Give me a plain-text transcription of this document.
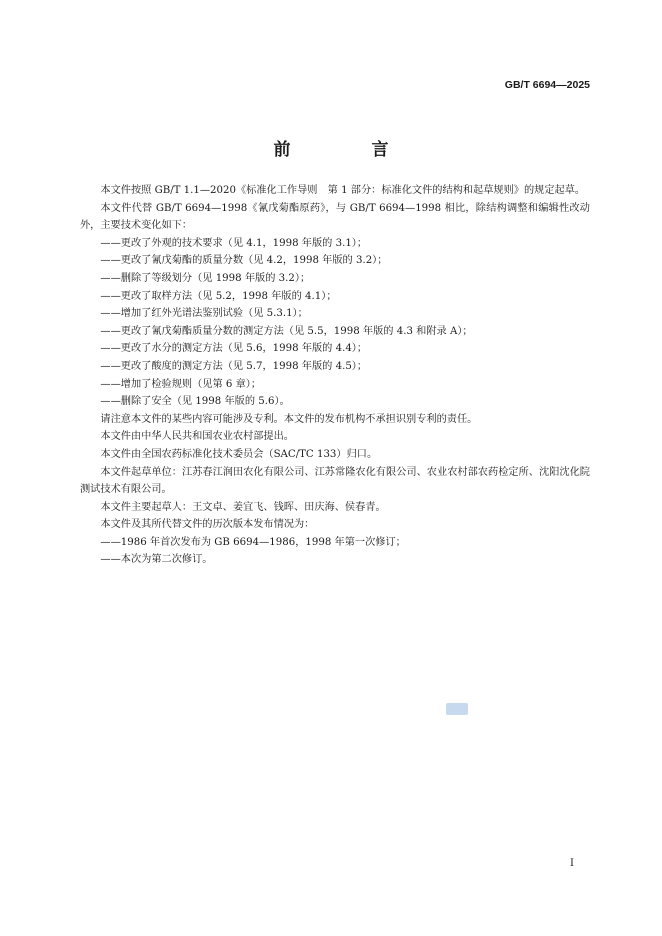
GB/T 6694—2025
前　言

本文件按照 GB/T 1.1—2020《标准化工作导则　第 1 部分：标准化文件的结构和起草规则》的规定起草。

本文件代替 GB/T 6694—1998《氰戊菊酯原药》，与 GB/T 6694—1998 相比，除结构调整和编辑性改动外，主要技术变化如下：

——更改了外观的技术要求（见 4.1，1998 年版的 3.1）；

——更改了氰戊菊酯的质量分数（见 4.2，1998 年版的 3.2）；

——删除了等级划分（见 1998 年版的 3.2）；

——更改了取样方法（见 5.2，1998 年版的 4.1）；

——增加了红外光谱法鉴别试验（见 5.3.1）；

——更改了氰戊菊酯质量分数的测定方法（见 5.5，1998 年版的 4.3 和附录 A）；

——更改了水分的测定方法（见 5.6，1998 年版的 4.4）；

——更改了酸度的测定方法（见 5.7，1998 年版的 4.5）；

——增加了检验规则（见第 6 章）；

——删除了安全（见 1998 年版的 5.6）。

请注意本文件的某些内容可能涉及专利。本文件的发布机构不承担识别专利的责任。

本文件由中华人民共和国农业农村部提出。

本文件由全国农药标准化技术委员会（SAC/TC 133）归口。

本文件起草单位：江苏春江润田农化有限公司、江苏常隆农化有限公司、农业农村部农药检定所、沈阳沈化院测试技术有限公司。

本文件主要起草人：王文卓、姜宜飞、钱晖、田庆海、侯春青。

本文件及其所代替文件的历次版本发布情况为：

——1986 年首次发布为 GB 6694—1986，1998 年第一次修订；

——本次为第二次修订。

I
